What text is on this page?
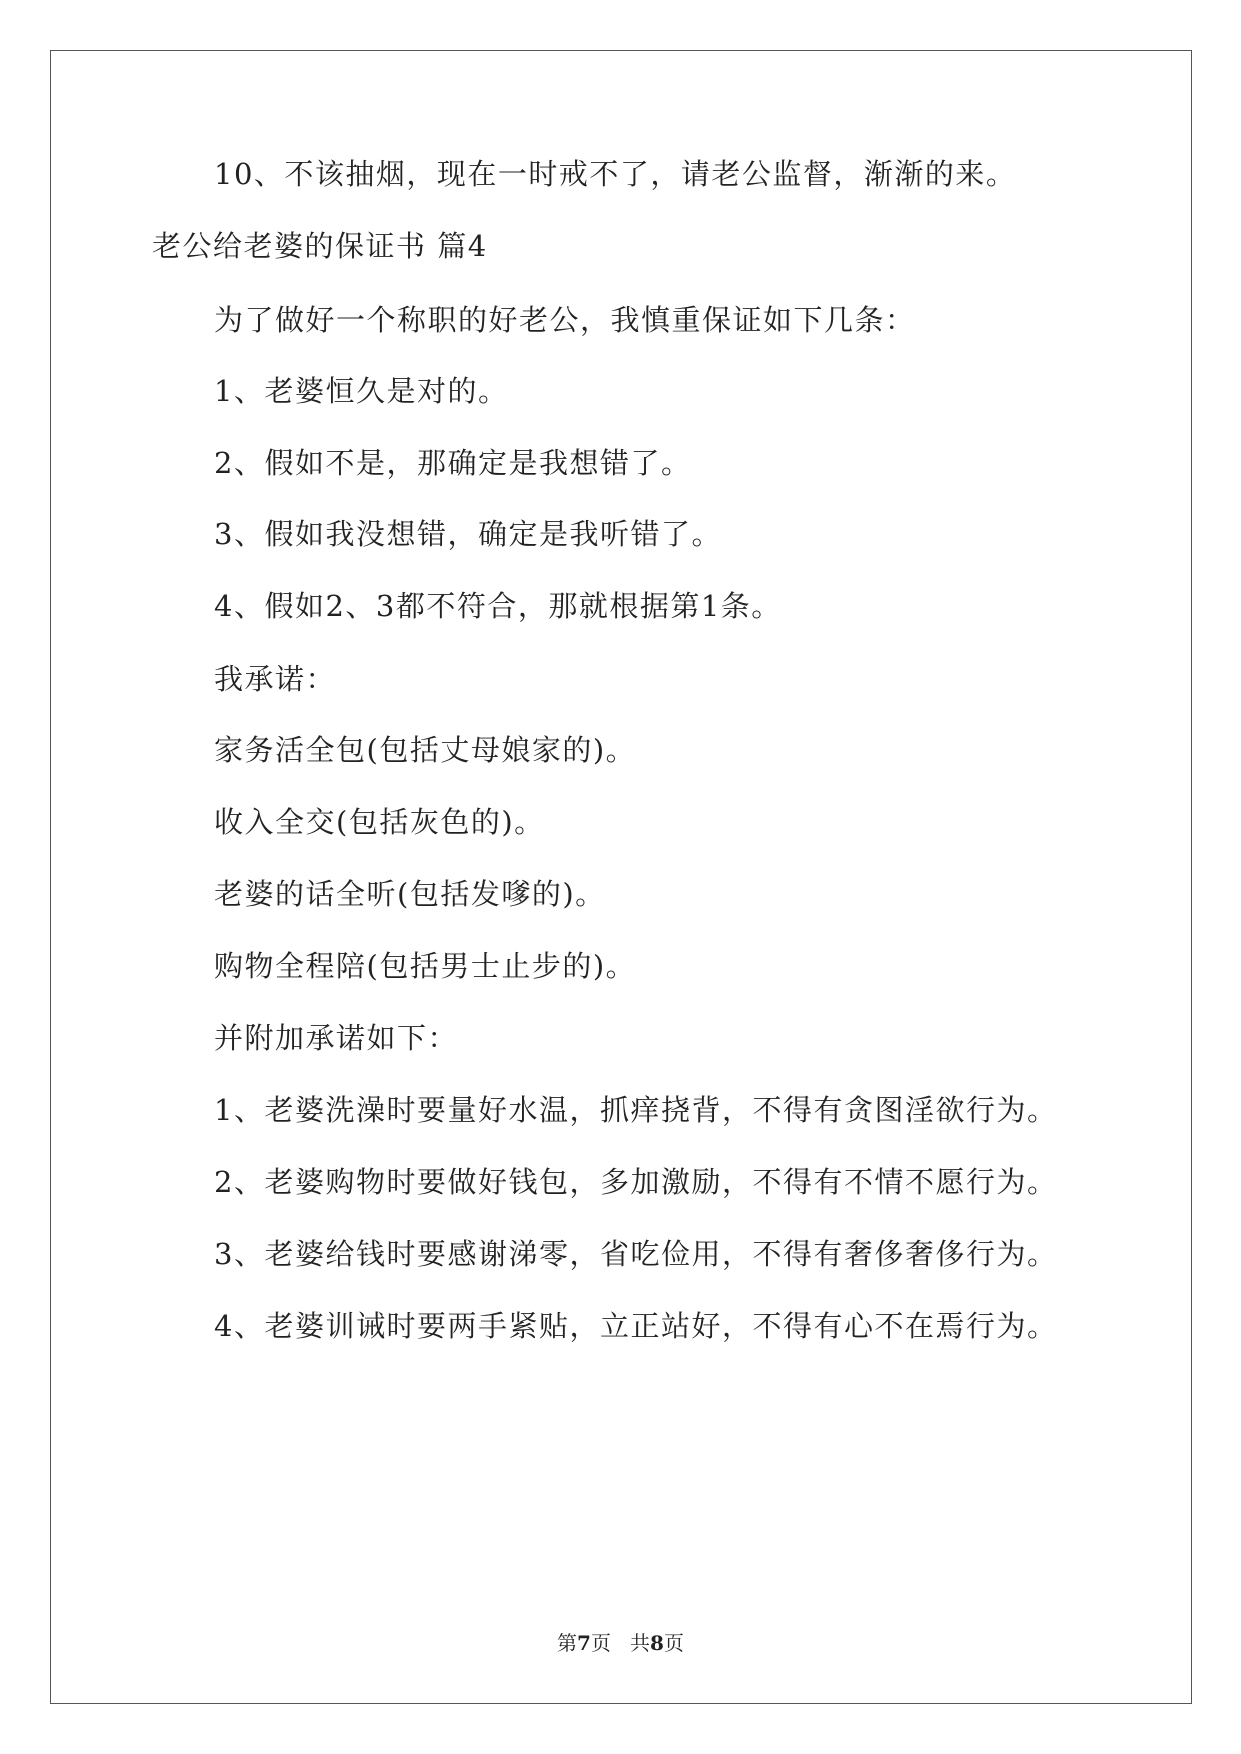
10、不该抽烟，现在一时戒不了，请老公监督，渐渐的来。
老公给老婆的保证书 篇4
为了做好一个称职的好老公，我慎重保证如下几条：
1、老婆恒久是对的。
2、假如不是，那确定是我想错了。
3、假如我没想错，确定是我听错了。
4、假如2、3都不符合，那就根据第1条。
我承诺：
家务活全包(包括丈母娘家的)。
收入全交(包括灰色的)。
老婆的话全听(包括发嗲的)。
购物全程陪(包括男士止步的)。
并附加承诺如下：
1、老婆洗澡时要量好水温，抓痒挠背，不得有贪图淫欲行为。
2、老婆购物时要做好钱包，多加激励，不得有不情不愿行为。
3、老婆给钱时要感谢涕零，省吃俭用，不得有奢侈奢侈行为。
4、老婆训诫时要两手紧贴，立正站好，不得有心不在焉行为。
第7页 共8页
